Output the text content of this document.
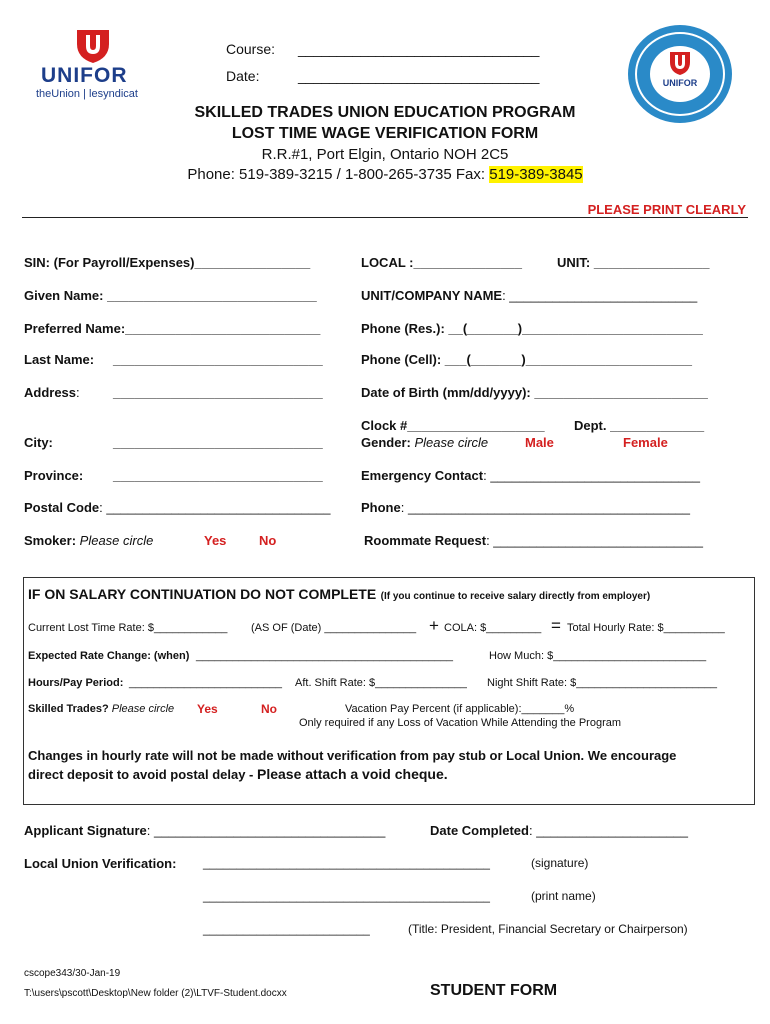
UNIFOR
theUnion | lesyndicat
UNIFOR
Course: _______________________________
Date:	_______________________________
SKILLED TRADES UNION EDUCATION PROGRAM
LOST TIME WAGE VERIFICATION FORM
R.R.#1, Port Elgin, Ontario NOH 2C5
Phone: 519-389-3215 / 1-800-265-3735 Fax: 519-389-3845
PLEASE PRINT CLEARLY
SIN: (For Payroll/Expenses)________________	LOCAL :_______________	UNIT: ________________
Given Name: _____________________________	UNIT/COMPANY NAME: __________________________
Preferred Name:___________________________	Phone (Res.): __(_______)_________________________
Last Name: _____________________________	Phone (Cell): ___(_______)_______________________
Address:	_____________________________	Date of Birth (mm/dd/yyyy): ________________________
Clock #___________________ Dept. _____________
City:	_____________________________	Gender: Please circle	Male	Female
Province: _____________________________	Emergency Contact: _____________________________
Postal Code: _______________________________ Phone: _______________________________________
Smoker: Please circle	Yes	No	Roommate Request: _____________________________
IF ON SALARY CONTINUATION DO NOT COMPLETE (If you continue to receive salary directly from employer)
Current Lost Time Rate: $____________ (AS OF (Date) _______________ + COLA: $_________ = Total Hourly Rate: $__________
Expected Rate Change: (when) __________________________________________	How Much: $_________________________
Hours/Pay Period: _________________________ Aft. Shift Rate: $_______________ Night Shift Rate: $_______________________
Skilled Trades? Please circle Yes	No	Vacation Pay Percent (if applicable):_______%
Only required if any Loss of Vacation While Attending the Program
Changes in hourly rate will not be made without verification from pay stub or Local Union. We encourage
direct deposit to avoid postal delay - Please attach a void cheque.
Applicant Signature: ________________________________	Date Completed: _____________________
Local Union Verification: ___________________________________________	(signature)
___________________________________________	(print name)
_________________________	(Title: President, Financial Secretary or Chairperson)
cscope343/30-Jan-19
T:\users\pscott\Desktop\New folder (2)\LTVF-Student.docxx	STUDENT FORM
